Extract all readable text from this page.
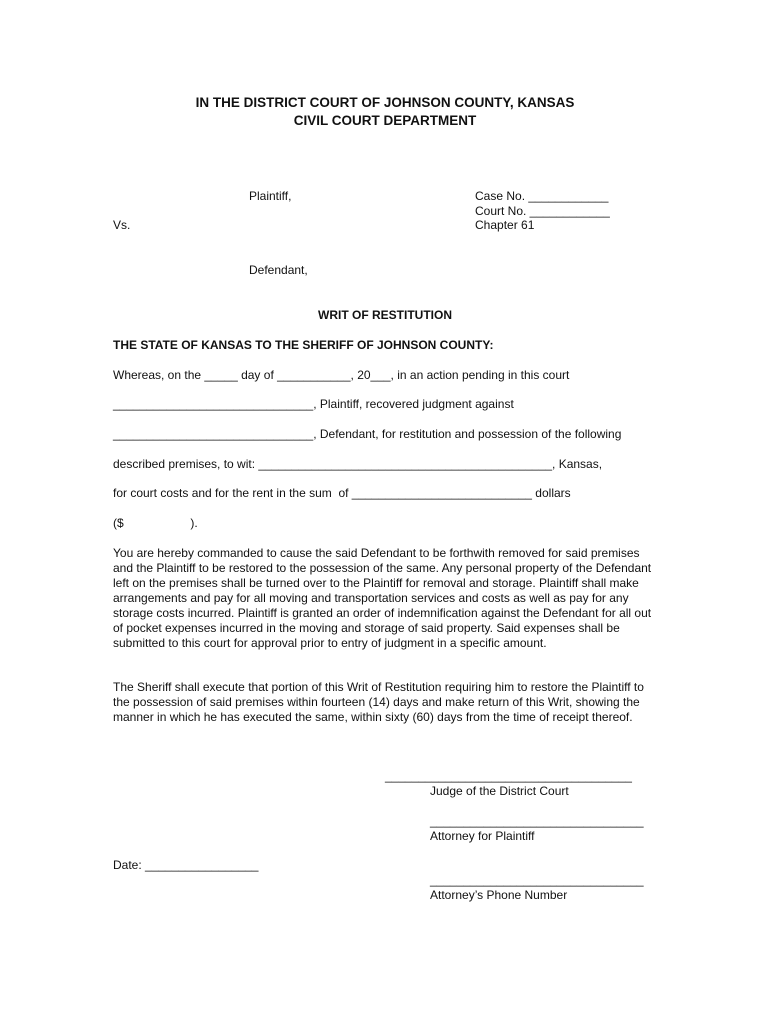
IN THE DISTRICT COURT OF JOHNSON COUNTY, KANSAS
CIVIL COURT DEPARTMENT
Plaintiff,
Vs.
Defendant,
Case No. ____________
Court No. ____________
Chapter 61
WRIT OF RESTITUTION
THE STATE OF KANSAS TO THE SHERIFF OF JOHNSON COUNTY:
Whereas, on the _____ day of ___________, 20___, in an action pending in this court
______________________________, Plaintiff, recovered judgment against
______________________________, Defendant, for restitution and possession of the following
described premises, to wit: ____________________________________________, Kansas,
for court costs and for the rent in the sum  of ___________________________ dollars
($                    ).
You are hereby commanded to cause the said Defendant to be forthwith removed for said premises and the Plaintiff to be restored to the possession of the same. Any personal property of the Defendant left on the premises shall be turned over to the Plaintiff for removal and storage. Plaintiff shall make arrangements and pay for all moving and transportation services and costs as well as pay for any storage costs incurred. Plaintiff is granted an order of indemnification against the Defendant for all out of pocket expenses incurred in the moving and storage of said property. Said expenses shall be submitted to this court for approval prior to entry of judgment in a specific amount.
The Sheriff shall execute that portion of this Writ of Restitution requiring him to restore the Plaintiff to the possession of said premises within fourteen (14) days and make return of this Writ, showing the manner in which he has executed the same, within sixty (60) days from the time of receipt thereof.
_____________________________________
Judge of the District Court
________________________________
Attorney for Plaintiff
Date: _________________
________________________________
Attorney’s Phone Number
